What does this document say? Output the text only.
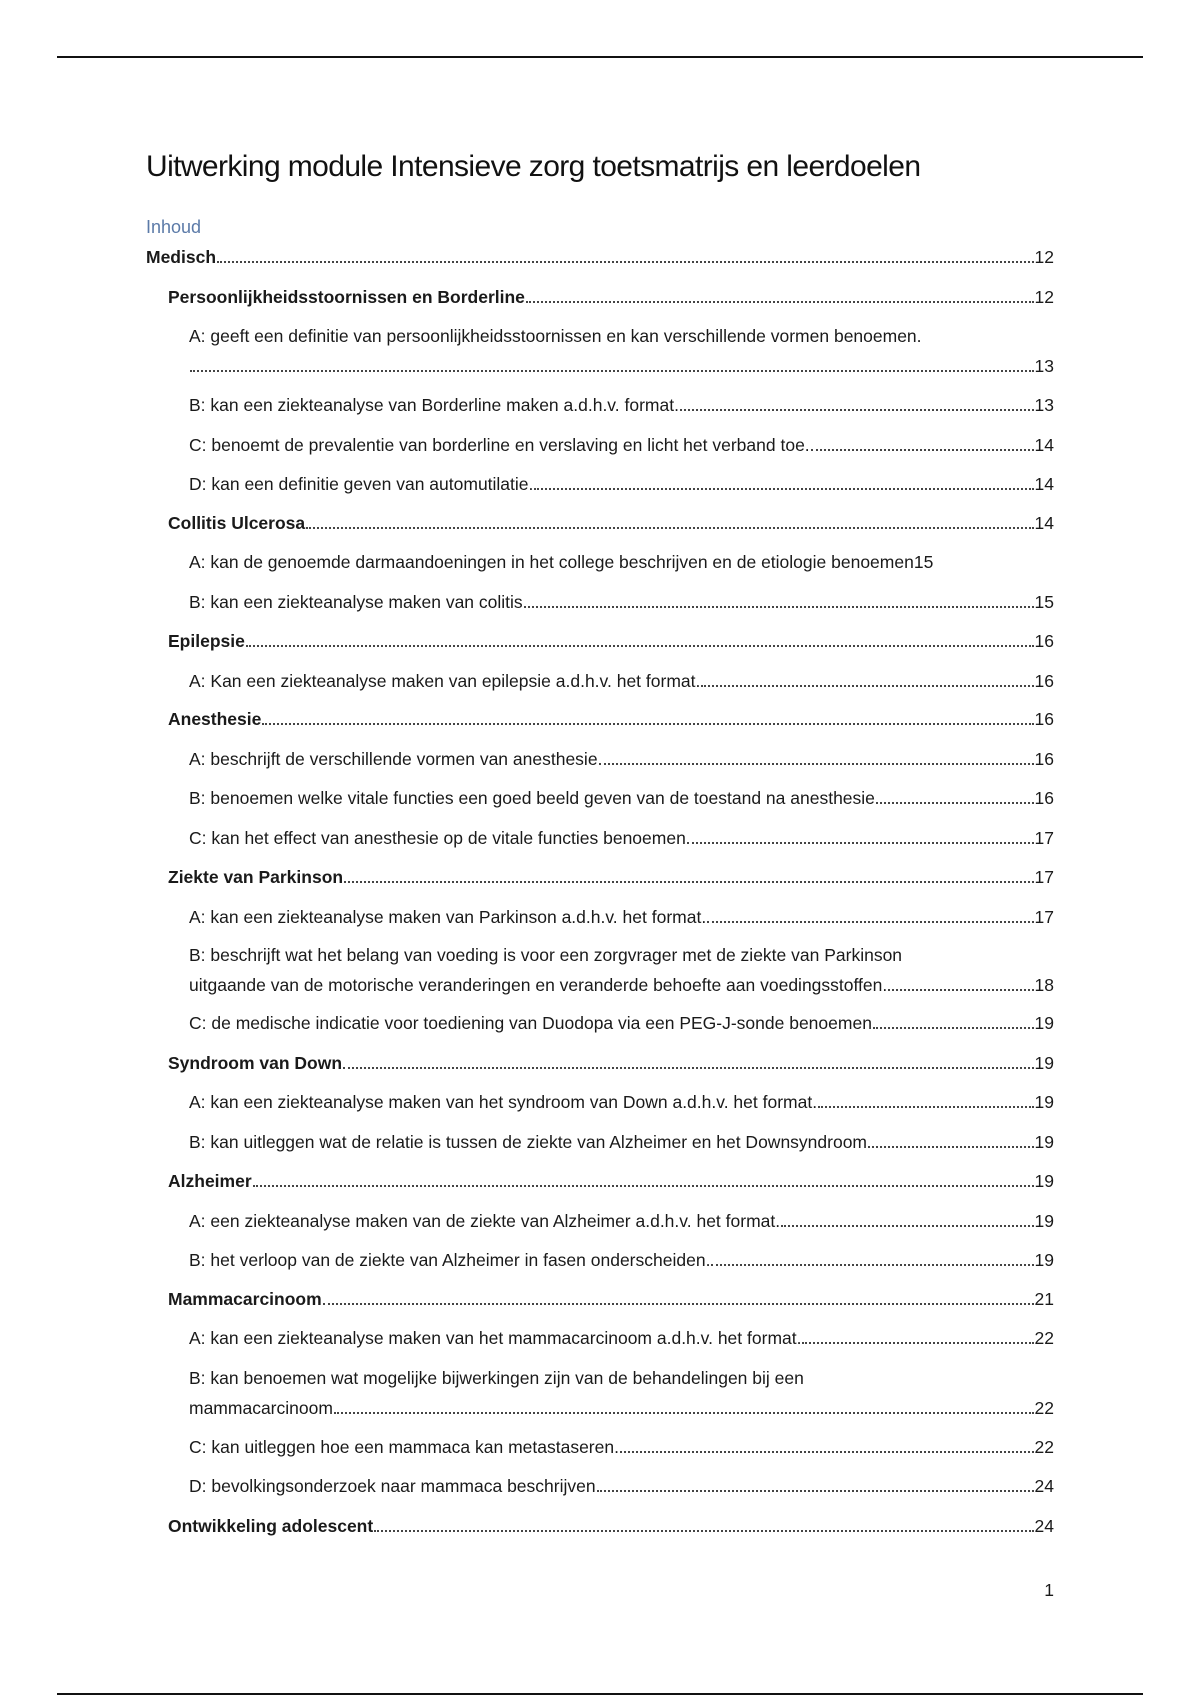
Uitwerking module Intensieve zorg toetsmatrijs en leerdoelen
Inhoud
Medisch	12
Persoonlijkheidsstoornissen en Borderline	12
A: geeft een definitie van persoonlijkheidsstoornissen en kan verschillende vormen benoemen.
13
B: kan een ziekteanalyse van Borderline maken a.d.h.v. format.	13
C: benoemt de prevalentie van borderline en verslaving en licht het verband toe.	14
D: kan een definitie geven van automutilatie.	14
Collitis Ulcerosa	14
A: kan de genoemde darmaandoeningen in het college beschrijven en de etiologie benoemen 15
B: kan een ziekteanalyse maken van colitis	15
Epilepsie	16
A: Kan een ziekteanalyse maken van epilepsie a.d.h.v. het format.	16
Anesthesie	16
A: beschrijft de verschillende vormen van anesthesie	16
B: benoemen welke vitale functies een goed beeld geven van de toestand na anesthesie	16
C: kan het effect van anesthesie op de vitale functies benoemen	17
Ziekte van Parkinson	17
A: kan een ziekteanalyse maken van Parkinson a.d.h.v. het format.	17
B: beschrijft wat het belang van voeding is voor een zorgvrager met de ziekte van Parkinson
uitgaande van de motorische veranderingen en veranderde behoefte aan voedingsstoffen.	18
C: de medische indicatie voor toediening van Duodopa via een PEG-J-sonde benoemen	19
Syndroom van Down	19
A: kan een ziekteanalyse maken van het syndroom van Down a.d.h.v. het format.	19
B: kan uitleggen wat de relatie is tussen de ziekte van Alzheimer en het Downsyndroom	19
Alzheimer	19
A: een ziekteanalyse maken van de ziekte van Alzheimer a.d.h.v. het format.	19
B: het verloop van de ziekte van Alzheimer in fasen onderscheiden.	19
Mammacarcinoom	21
A: kan een ziekteanalyse maken van het mammacarcinoom a.d.h.v. het format.	22
B: kan benoemen wat mogelijke bijwerkingen zijn van de behandelingen bij een
mammacarcinoom	22
C: kan uitleggen hoe een mammaca kan metastaseren.	22
D: bevolkingsonderzoek naar mammaca beschrijven	24
Ontwikkeling adolescent	24
1
